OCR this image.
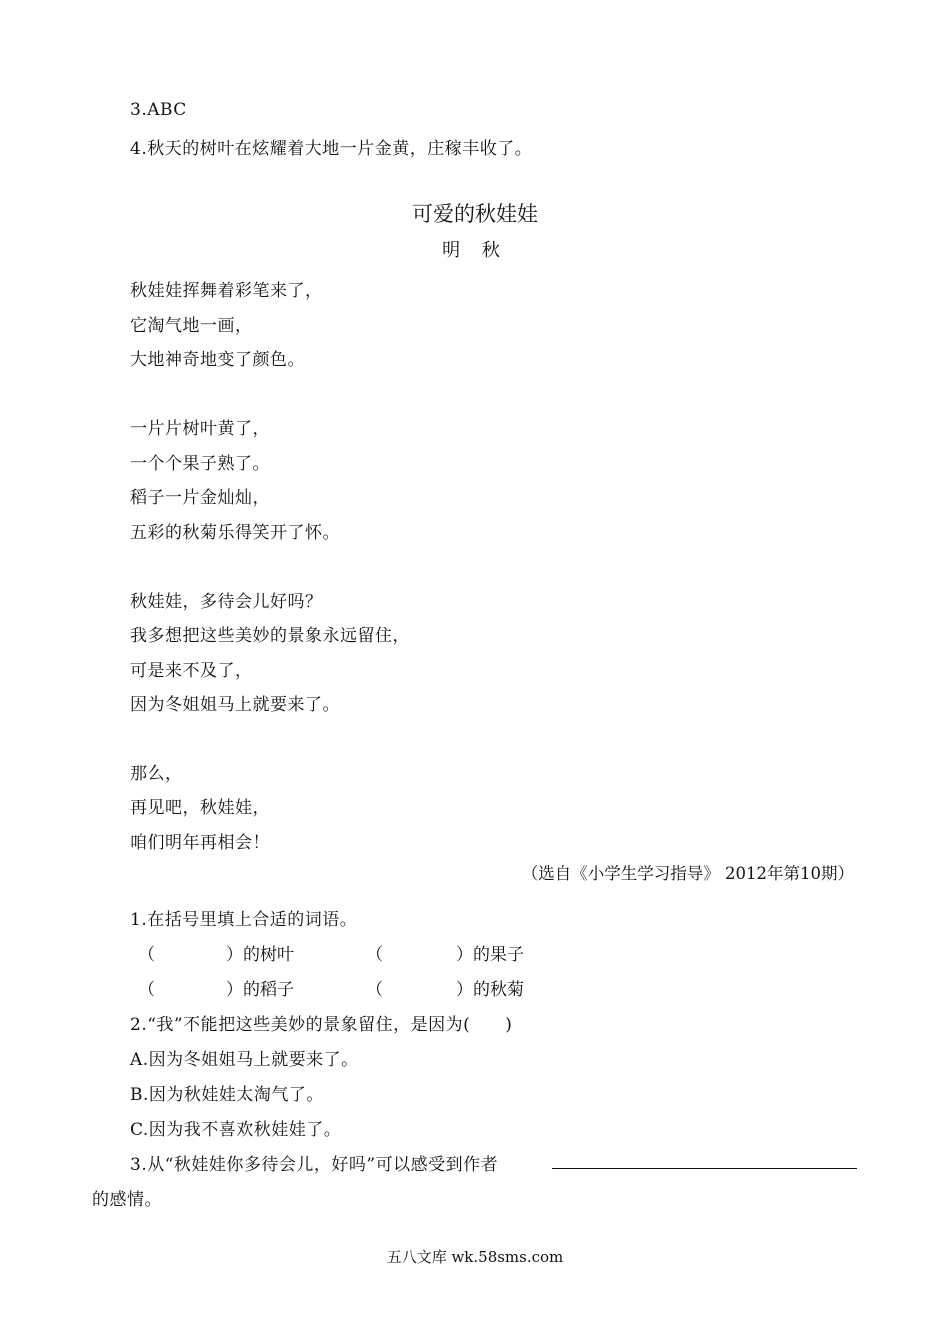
3.ABC
4.秋天的树叶在炫耀着大地一片金黄，庄稼丰收了。
可爱的秋娃娃
明 秋
秋娃娃挥舞着彩笔来了，
它淘气地一画，
大地神奇地变了颜色。
一片片树叶黄了，
一个个果子熟了。
稻子一片金灿灿，
五彩的秋菊乐得笑开了怀。
秋娃娃，多待会儿好吗？
我多想把这些美妙的景象永远留住，
可是来不及了，
因为冬姐姐马上就要来了。
那么，
再见吧，秋娃娃，
咱们明年再相会！
（选自《小学生学习指导》 2012年第10期）
1.在括号里填上合适的词语。
（	）的树叶	（	）的果子
（	）的稻子	（	）的秋菊
2.“我”不能把这些美妙的景象留住，是因为(　　)
A.因为冬姐姐马上就要来了。
B.因为秋娃娃太淘气了。
C.因为我不喜欢秋娃娃了。
3.从“秋娃娃你多待会儿，好吗”可以感受到作者
的感情。
五八文库 wk.58sms.com
